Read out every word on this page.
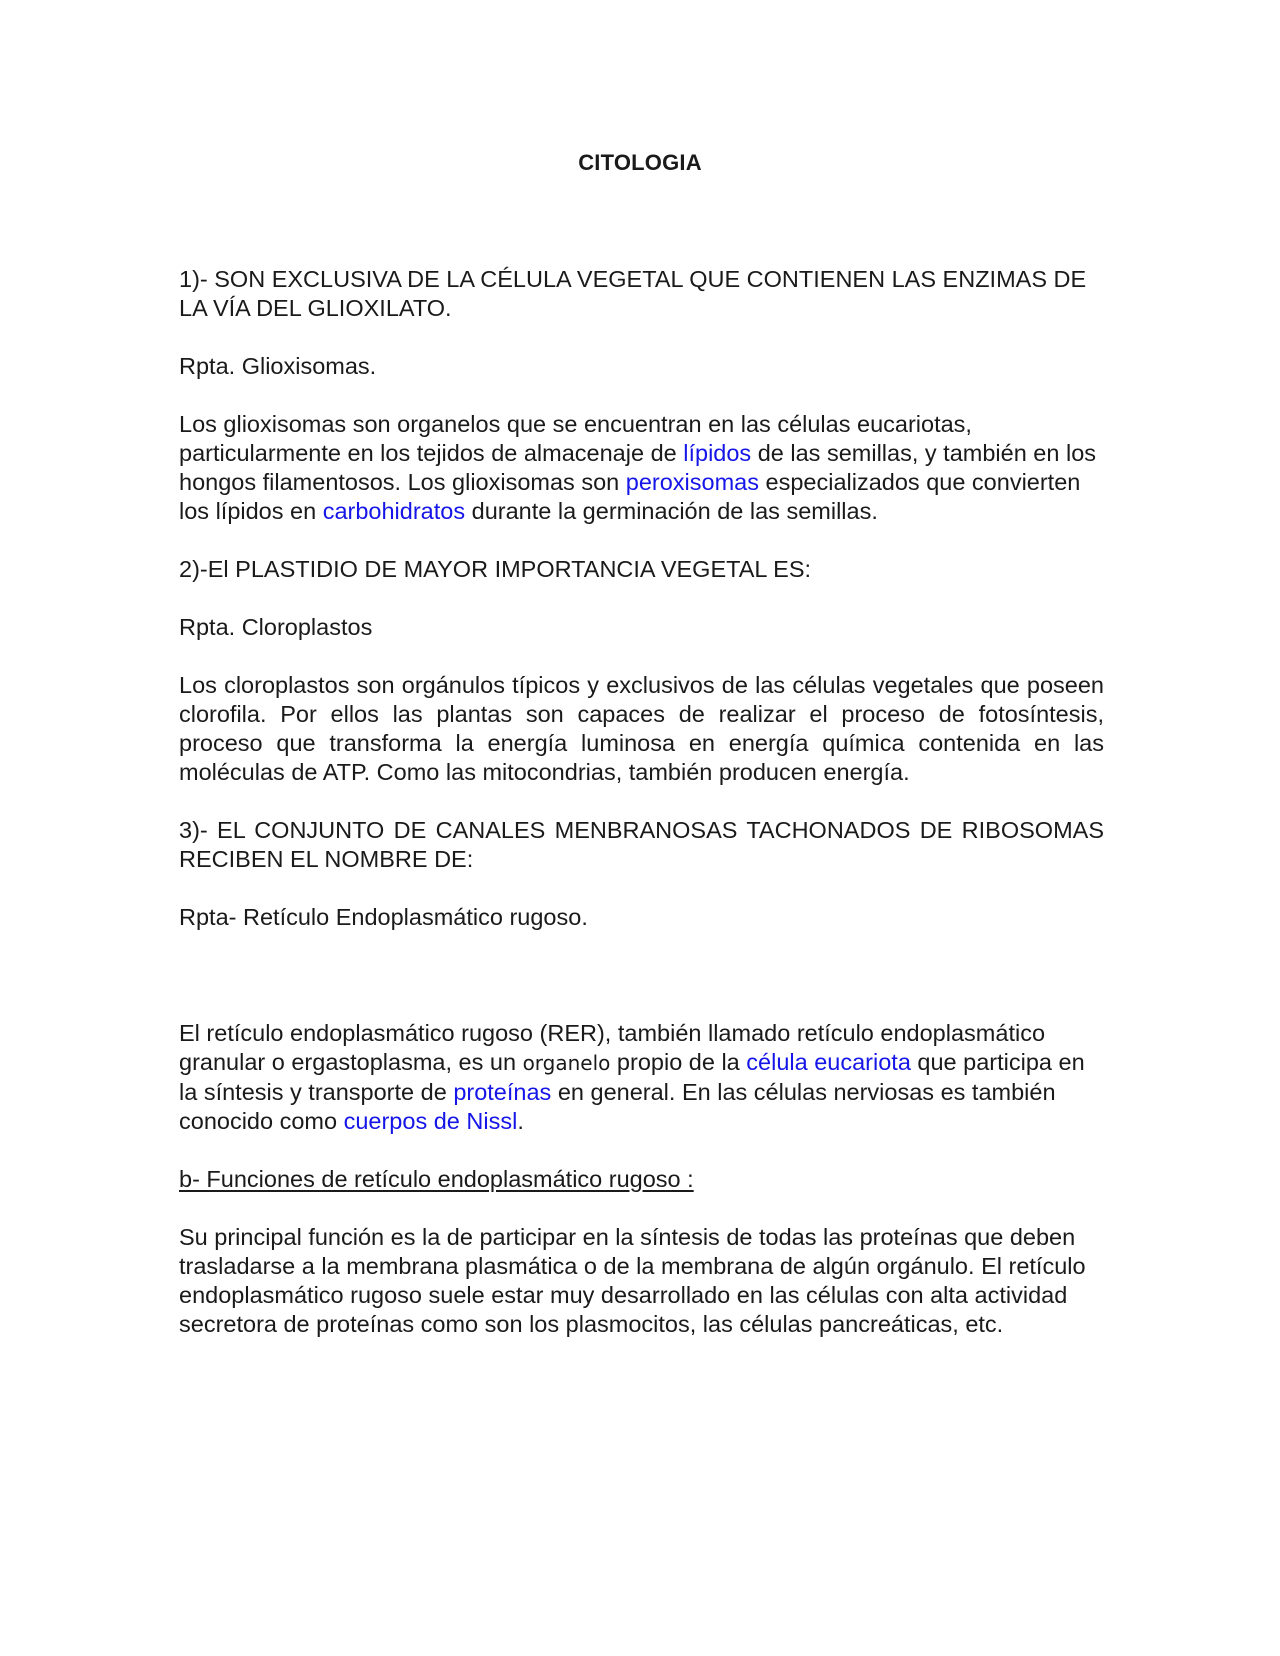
CITOLOGIA

1)- SON EXCLUSIVA DE LA CÉLULA VEGETAL QUE CONTIENEN LAS ENZIMAS DE LA VÍA DEL GLIOXILATO.

Rpta. Glioxisomas.

Los glioxisomas son organelos que se encuentran en las células eucariotas, particularmente en los tejidos de almacenaje de lípidos de las semillas, y también en los hongos filamentosos. Los glioxisomas son peroxisomas especializados que convierten los lípidos en carbohidratos durante la germinación de las semillas.

2)-El PLASTIDIO DE MAYOR IMPORTANCIA VEGETAL ES:

Rpta. Cloroplastos

Los cloroplastos son orgánulos típicos y exclusivos de las células vegetales que poseen clorofila. Por ellos las plantas son capaces de realizar el proceso de fotosíntesis, proceso que transforma la energía luminosa en energía química contenida en las moléculas de ATP. Como las mitocondrias, también producen energía.

3)- EL CONJUNTO DE CANALES MENBRANOSAS TACHONADOS DE RIBOSOMAS RECIBEN EL NOMBRE DE:

Rpta- Retículo Endoplasmático rugoso.

El retículo endoplasmático rugoso (RER), también llamado retículo endoplasmático granular o ergastoplasma, es un organelo propio de la célula eucariota que participa en la síntesis y transporte de proteínas en general. En las células nerviosas es también conocido como cuerpos de Nissl.

b- Funciones de retículo endoplasmático rugoso :

Su principal función es la de participar en la síntesis de todas las proteínas que deben trasladarse a la membrana plasmática o de la membrana de algún orgánulo. El retículo endoplasmático rugoso suele estar muy desarrollado en las células con alta actividad secretora de proteínas como son los plasmocitos, las células pancreáticas, etc.
